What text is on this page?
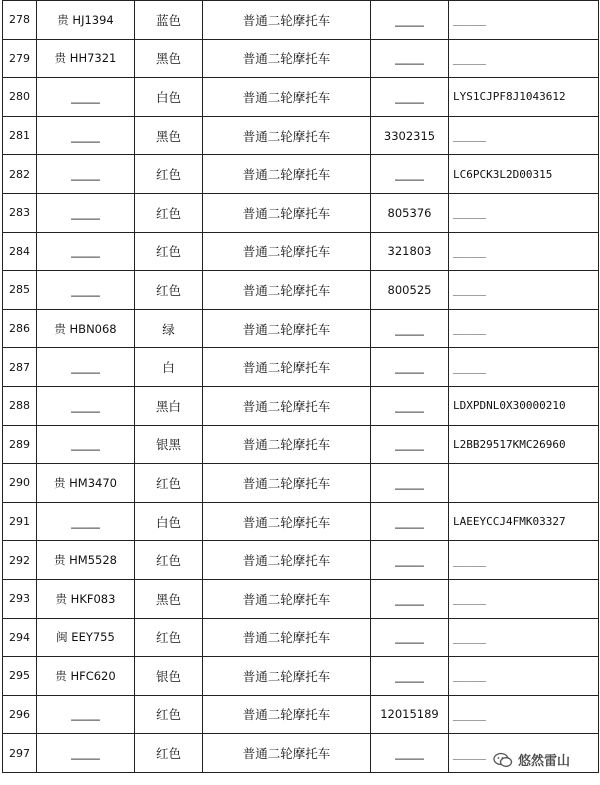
278	贵 HJ1394	蓝色	普通二轮摩托车	_____	_____
279	贵 HH7321	黑色	普通二轮摩托车	_____	_____
280	_____	白色	普通二轮摩托车	_____	LYS1CJPF8J1043612
281	_____	黑色	普通二轮摩托车	3302315	_____
282	_____	红色	普通二轮摩托车	_____	LC6PCK3L2D00315
283	_____	红色	普通二轮摩托车	805376	_____
284	_____	红色	普通二轮摩托车	321803	_____
285	_____	红色	普通二轮摩托车	800525	_____
286	贵 HBN068	绿	普通二轮摩托车	_____	_____
287	_____	白	普通二轮摩托车	_____	_____
288	_____	黑白	普通二轮摩托车	_____	LDXPDNL0X30000210
289	_____	银黑	普通二轮摩托车	_____	L2BB29517KMC26960
290	贵 HM3470	红色	普通二轮摩托车	_____	
291	_____	白色	普通二轮摩托车	_____	LAEEYCCJ4FMK03327
292	贵 HM5528	红色	普通二轮摩托车	_____	_____
293	贵 HKF083	黑色	普通二轮摩托车	_____	_____
294	闽 EEY755	红色	普通二轮摩托车	_____	_____
295	贵 HFC620	银色	普通二轮摩托车	_____	_____
296	_____	红色	普通二轮摩托车	12015189	_____
297	_____	红色	普通二轮摩托车	_____	_____
悠然雷山
